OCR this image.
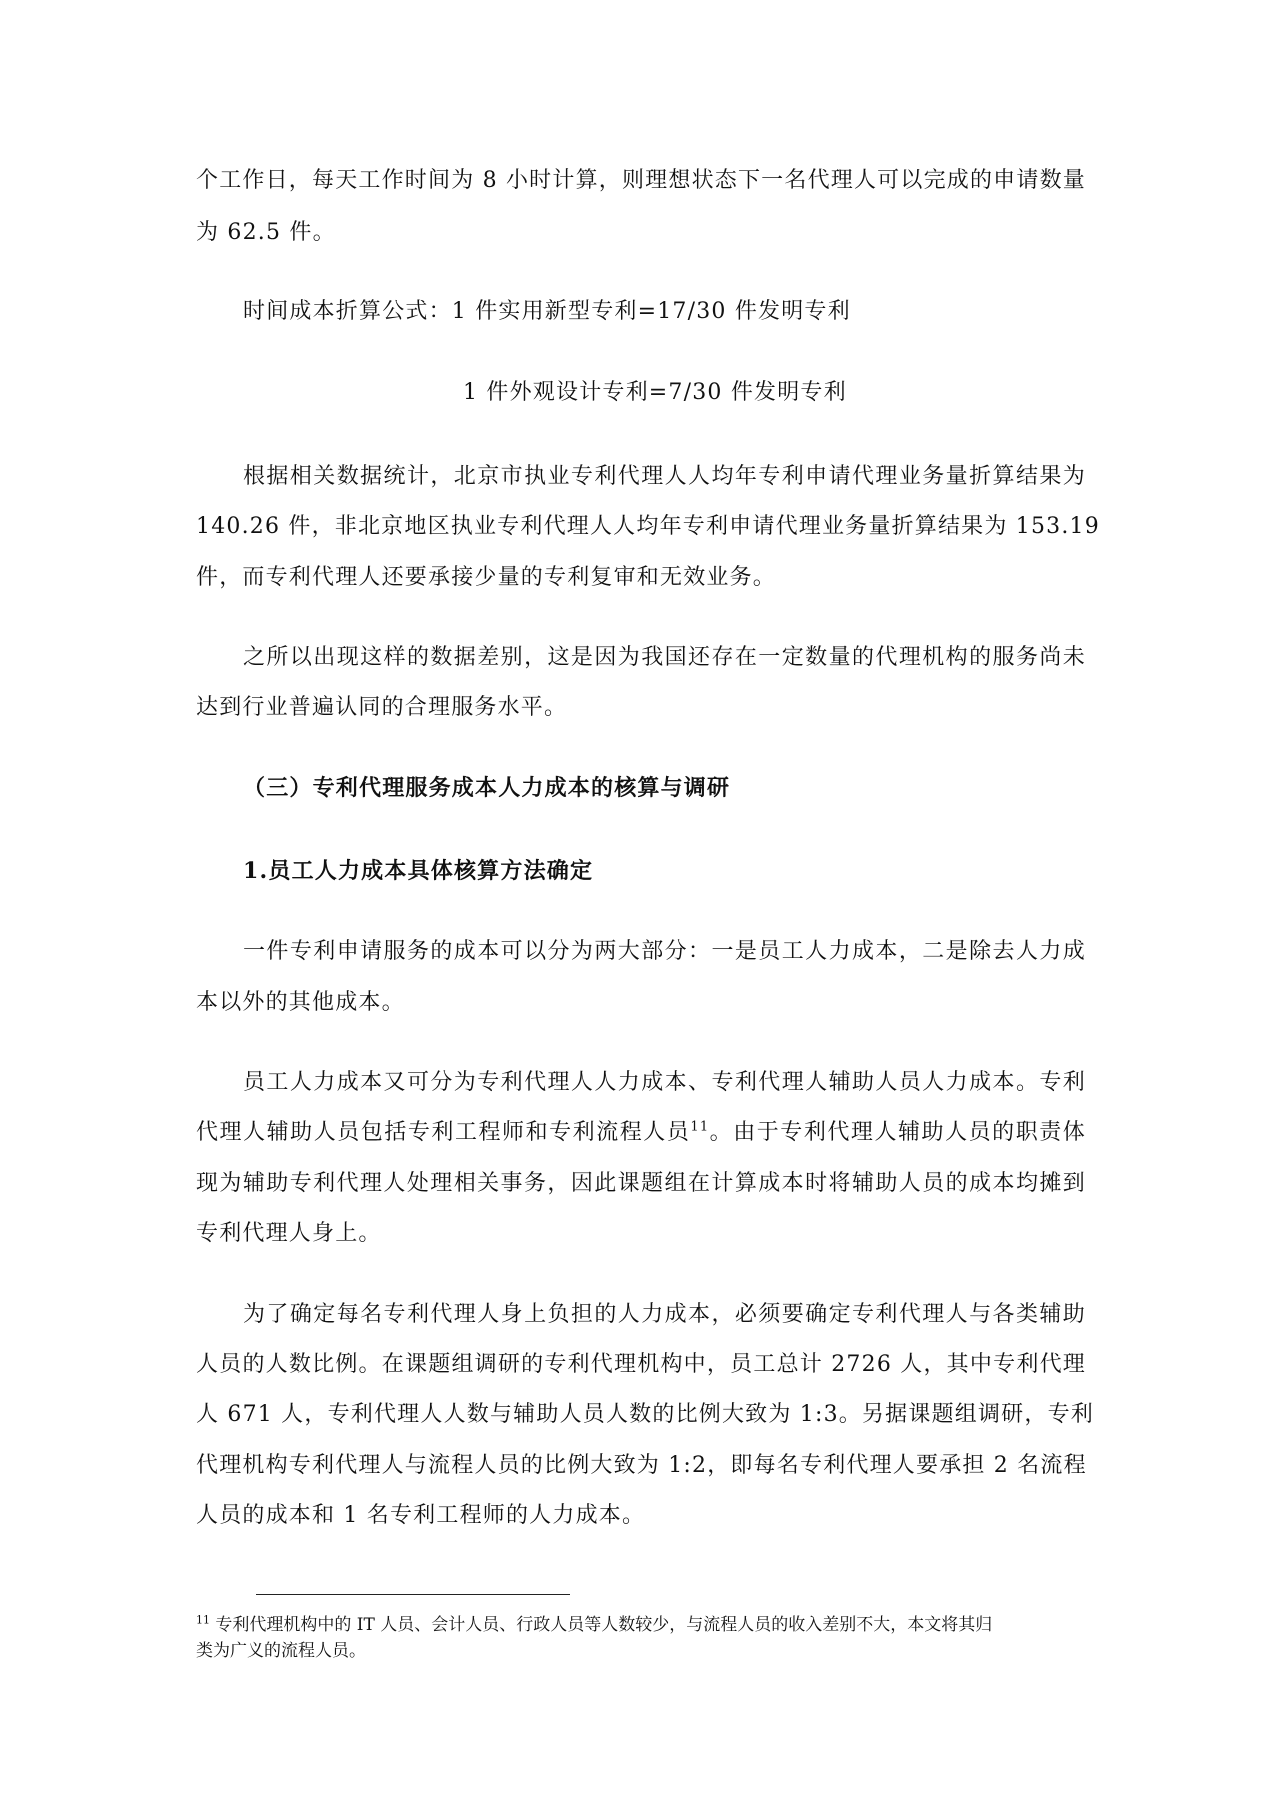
个工作日，每天工作时间为 8 小时计算，则理想状态下一名代理人可以完成的申请数量
为 62.5 件。
时间成本折算公式：1 件实用新型专利=17/30 件发明专利
1 件外观设计专利=7/30 件发明专利
根据相关数据统计，北京市执业专利代理人人均年专利申请代理业务量折算结果为
140.26 件，非北京地区执业专利代理人人均年专利申请代理业务量折算结果为 153.19
件，而专利代理人还要承接少量的专利复审和无效业务。
之所以出现这样的数据差别，这是因为我国还存在一定数量的代理机构的服务尚未
达到行业普遍认同的合理服务水平。
（三）专利代理服务成本人力成本的核算与调研
1.员工人力成本具体核算方法确定
一件专利申请服务的成本可以分为两大部分：一是员工人力成本，二是除去人力成
本以外的其他成本。
员工人力成本又可分为专利代理人人力成本、专利代理人辅助人员人力成本。专利
代理人辅助人员包括专利工程师和专利流程人员$^{11}$。由于专利代理人辅助人员的职责体
现为辅助专利代理人处理相关事务，因此课题组在计算成本时将辅助人员的成本均摊到
专利代理人身上。
为了确定每名专利代理人身上负担的人力成本，必须要确定专利代理人与各类辅助
人员的人数比例。在课题组调研的专利代理机构中，员工总计 2726 人，其中专利代理
人 671 人，专利代理人人数与辅助人员人数的比例大致为 1:3。另据课题组调研，专利
代理机构专利代理人与流程人员的比例大致为 1:2，即每名专利代理人要承担 2 名流程
人员的成本和 1 名专利工程师的人力成本。
$^{11}$ 专利代理机构中的 IT 人员、会计人员、行政人员等人数较少，与流程人员的收入差别不大，本文将其归
类为广义的流程人员。
